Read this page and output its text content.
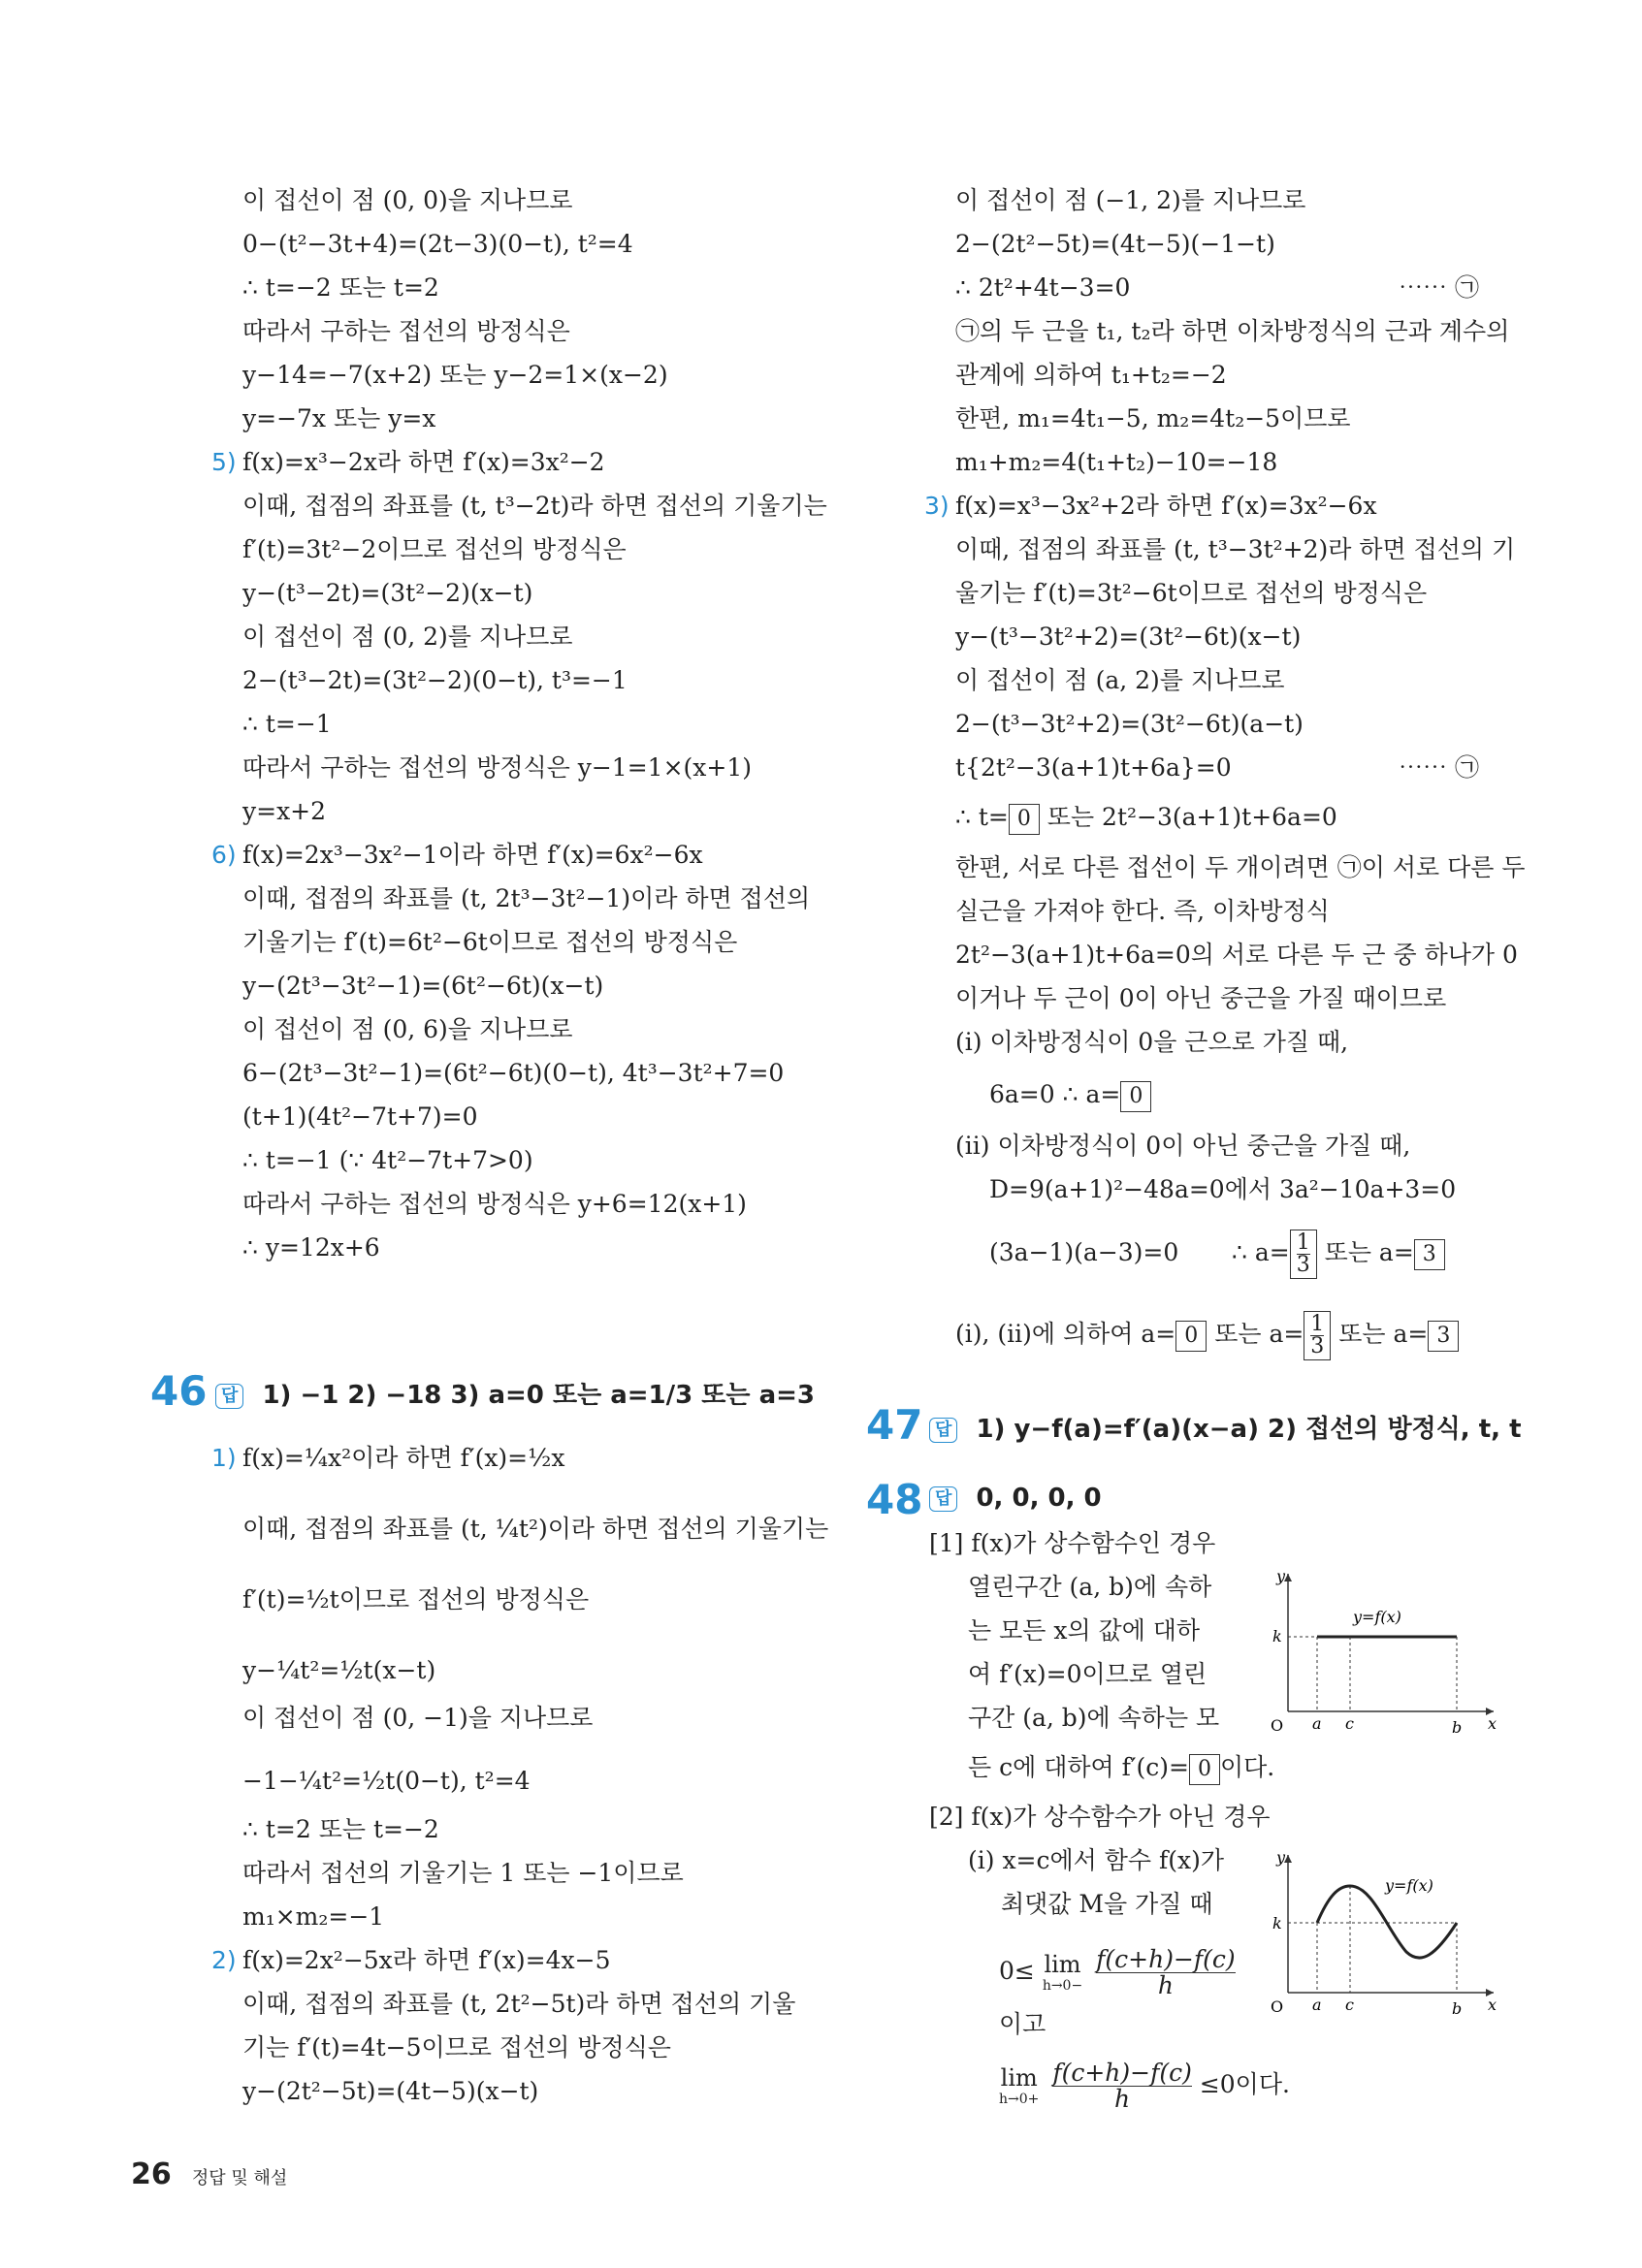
이 접선이 점 (0, 0)을 지나므로
0−(t²−3t+4)=(2t−3)(0−t), t²=4
∴ t=−2 또는 t=2
따라서 구하는 접선의 방정식은
y−14=−7(x+2) 또는 y−2=1×(x−2)
y=−7x 또는 y=x
5) f(x)=x³−2x라 하면 f′(x)=3x²−2
이때, 접점의 좌표를 (t, t³−2t)라 하면 접선의 기울기는
f′(t)=3t²−2이므로 접선의 방정식은
y−(t³−2t)=(3t²−2)(x−t)
이 접선이 점 (0, 2)를 지나므로
2−(t³−2t)=(3t²−2)(0−t), t³=−1
∴ t=−1
따라서 구하는 접선의 방정식은 y−1=1×(x+1)
y=x+2
6) f(x)=2x³−3x²−1이라 하면 f′(x)=6x²−6x
이때, 접점의 좌표를 (t, 2t³−3t²−1)이라 하면 접선의
기울기는 f′(t)=6t²−6t이므로 접선의 방정식은
y−(2t³−3t²−1)=(6t²−6t)(x−t)
이 접선이 점 (0, 6)을 지나므로
6−(2t³−3t²−1)=(6t²−6t)(0−t), 4t³−3t²+7=0
(t+1)(4t²−7t+7)=0
∴ t=−1 (∵ 4t²−7t+7>0)
따라서 구하는 접선의 방정식은 y+6=12(x+1)
∴ y=12x+6
46 답 1) −1 2) −18 3) a=0 또는 a=1/3 또는 a=3
1) f(x)=¼x²이라 하면 f′(x)=½x
이때, 접점의 좌표를 (t, ¼t²)이라 하면 접선의 기울기는
f′(t)=½t이므로 접선의 방정식은
y−¼t²=½t(x−t)
이 접선이 점 (0, −1)을 지나므로
−1−¼t²=½t(0−t), t²=4
∴ t=2 또는 t=−2
따라서 접선의 기울기는 1 또는 −1이므로
m₁×m₂=−1
2) f(x)=2x²−5x라 하면 f′(x)=4x−5
이때, 접점의 좌표를 (t, 2t²−5t)라 하면 접선의 기울
기는 f′(t)=4t−5이므로 접선의 방정식은
y−(2t²−5t)=(4t−5)(x−t)
이 접선이 점 (−1, 2)를 지나므로
2−(2t²−5t)=(4t−5)(−1−t)
∴ 2t²+4t−3=0	⋯⋯ ㉠
㉠의 두 근을 t₁, t₂라 하면 이차방정식의 근과 계수의
관계에 의하여 t₁+t₂=−2
한편, m₁=4t₁−5, m₂=4t₂−5이므로
m₁+m₂=4(t₁+t₂)−10=−18
3) f(x)=x³−3x²+2라 하면 f′(x)=3x²−6x
이때, 접점의 좌표를 (t, t³−3t²+2)라 하면 접선의 기
울기는 f′(t)=3t²−6t이므로 접선의 방정식은
y−(t³−3t²+2)=(3t²−6t)(x−t)
이 접선이 점 (a, 2)를 지나므로
2−(t³−3t²+2)=(3t²−6t)(a−t)
t{2t²−3(a+1)t+6a}=0	⋯⋯ ㉠
∴ t= 0 또는 2t²−3(a+1)t+6a=0
한편, 서로 다른 접선이 두 개이려면 ㉠이 서로 다른 두
실근을 가져야 한다. 즉, 이차방정식
2t²−3(a+1)t+6a=0의 서로 다른 두 근 중 하나가 0
이거나 두 근이 0이 아닌 중근을 가질 때이므로
(ⅰ) 이차방정식이 0을 근으로 가질 때,
6a=0 ∴ a= 0
(ⅱ) 이차방정식이 0이 아닌 중근을 가질 때,
D=9(a+1)²−48a=0에서 3a²−10a+3=0
(3a−1)(a−3)=0 ∴ $a= \frac{1}{3}$ 또는 a= 3
(ⅰ), (ⅱ)에 의하여 a= 0 또는 $a= \frac{1}{3}$ 또는 a= 3
47 답 1) y−f(a)=f′(a)(x−a) 2) 접선의 방정식, t, t
48 답 0, 0, 0, 0
[1] f(x)가 상수함수인 경우
열린구간 (a, b)에 속하
는 모든 x의 값에 대하
여 f′(x)=0이므로 열린
구간 (a, b)에 속하는 모
든 c에 대하여 f′(c)= 0 이다.
y
x
O
k
a c	b
y=f(x)
[2] f(x)가 상수함수가 아닌 경우
(ⅰ) x=c에서 함수 f(x)가
최댓값 M을 가질 때
0≤ lim
h→0−
$\frac{f(c+h)-f(c)}{h}$
이고
lim
h→0+
$\frac{f(c+h)-f(c)}{h} \le 0$이다.
y
x
O
k
a c	b
y=f(x)
26 정답 및 해설
